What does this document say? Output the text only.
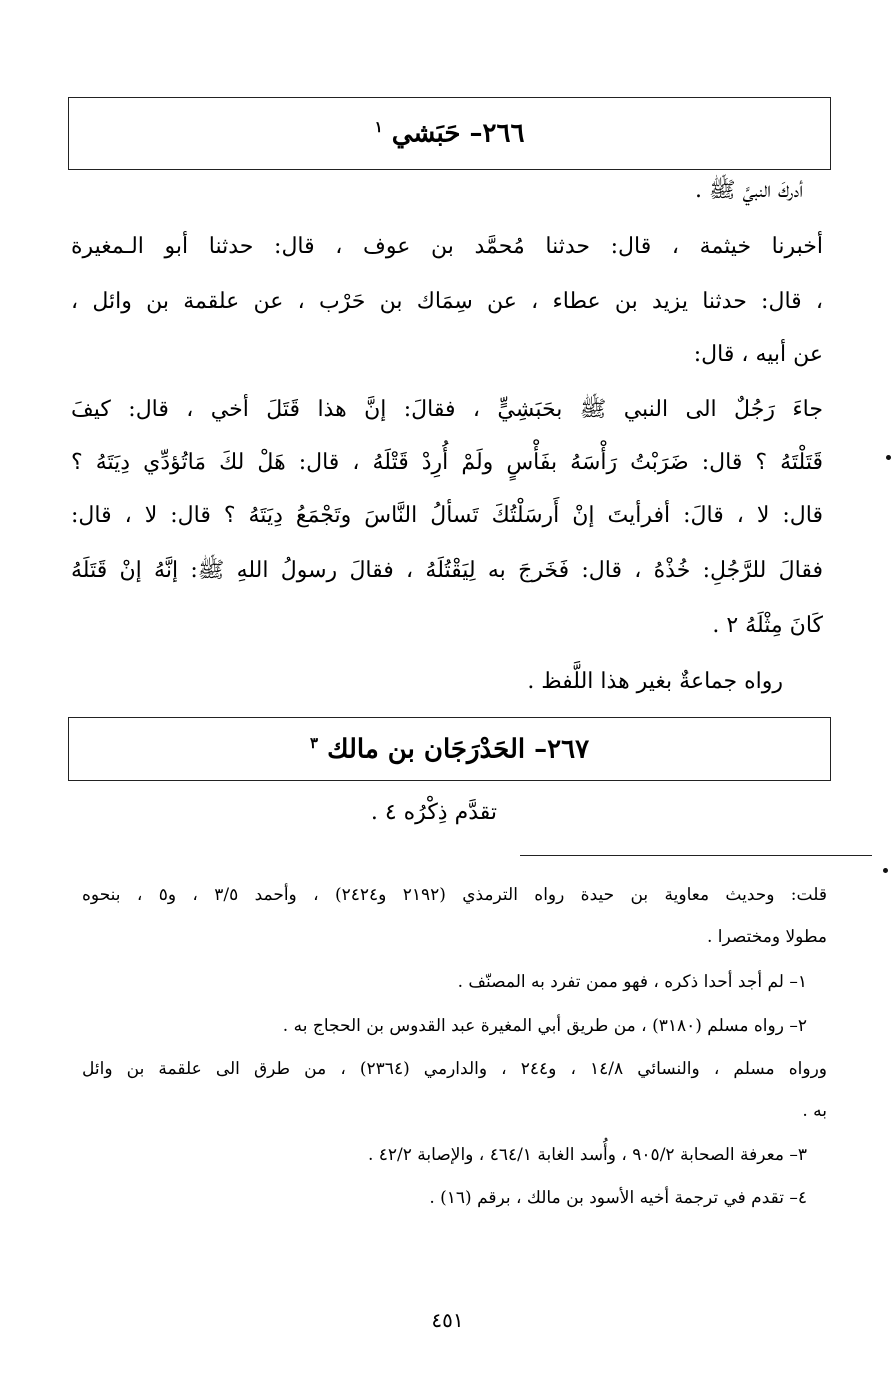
٢٦٦– حَبَشي $^١$
أدركَ النبيَّ ﷺ .
أخبرنا خيثمة ، قال: حدثنا مُحمَّد بن عوف ، قال: حدثنا أبو الـمغيرة
، قال: حدثنا يزيد بن عطاء ، عن سِمَاك بن حَرْب ، عن علقمة بن وائل ،
عن أبيه ، قال:
جاءَ رَجُلٌ الى النبي ﷺ بحَبَشِيٍّ ، فقالَ: إنَّ هذا قَتَلَ أخي ، قال: كيفَ
قَتَلْتَهُ ؟ قال: ضَرَبْتُ رَأْسَهُ بفَأْسٍ ولَمْ أُرِدْ قَتْلَهُ ، قال: هَلْ لكَ مَاتُؤدِّي دِيَتَهُ ؟
قال: لا ، قالَ: أفرأيتَ إنْ أَرسَلْتُكَ تَسألُ النَّاسَ وتَجْمَعُ دِيَتَهُ ؟ قال: لا ، قال:
فقالَ للرَّجُلِ: خُذْهُ ، قال: فَخَرجَ به لِيَقْتُلَهُ ، فقالَ رسولُ اللهِ ﷺ: إنَّهُ إنْ قَتَلَهُ
كَانَ مِثْلَهُ ٢ .
رواه جماعةٌ بغير هذا اللَّفظ .
٢٦٧– الحَدْرَجَان بن مالك $^٣$
تقدَّم ذِكْرُه ٤ .
قلت: وحديث معاوية بن حيدة رواه الترمذي (٢١٩٢ و٢٤٢٤) ، وأحمد ٣/٥ ، و٥ ، بنحوه
مطولا ومختصرا .
١– لم أجد أحدا ذكره ، فهو ممن تفرد به المصنّف .
٢– رواه مسلم (٣١٨٠) ، من طريق أبي المغيرة عبد القدوس بن الحجاج به .
ورواه مسلم ، والنسائي ١٤/٨ ، و٢٤٤ ، والدارمي (٢٣٦٤) ، من طرق الى علقمة بن وائل
به .
٣– معرفة الصحابة ٩٠٥/٢ ، وأُسد الغابة ٤٦٤/١ ، والإصابة ٤٢/٢ .
٤– تقدم في ترجمة أخيه الأسود بن مالك ، برقم (١٦) .
٤٥١
